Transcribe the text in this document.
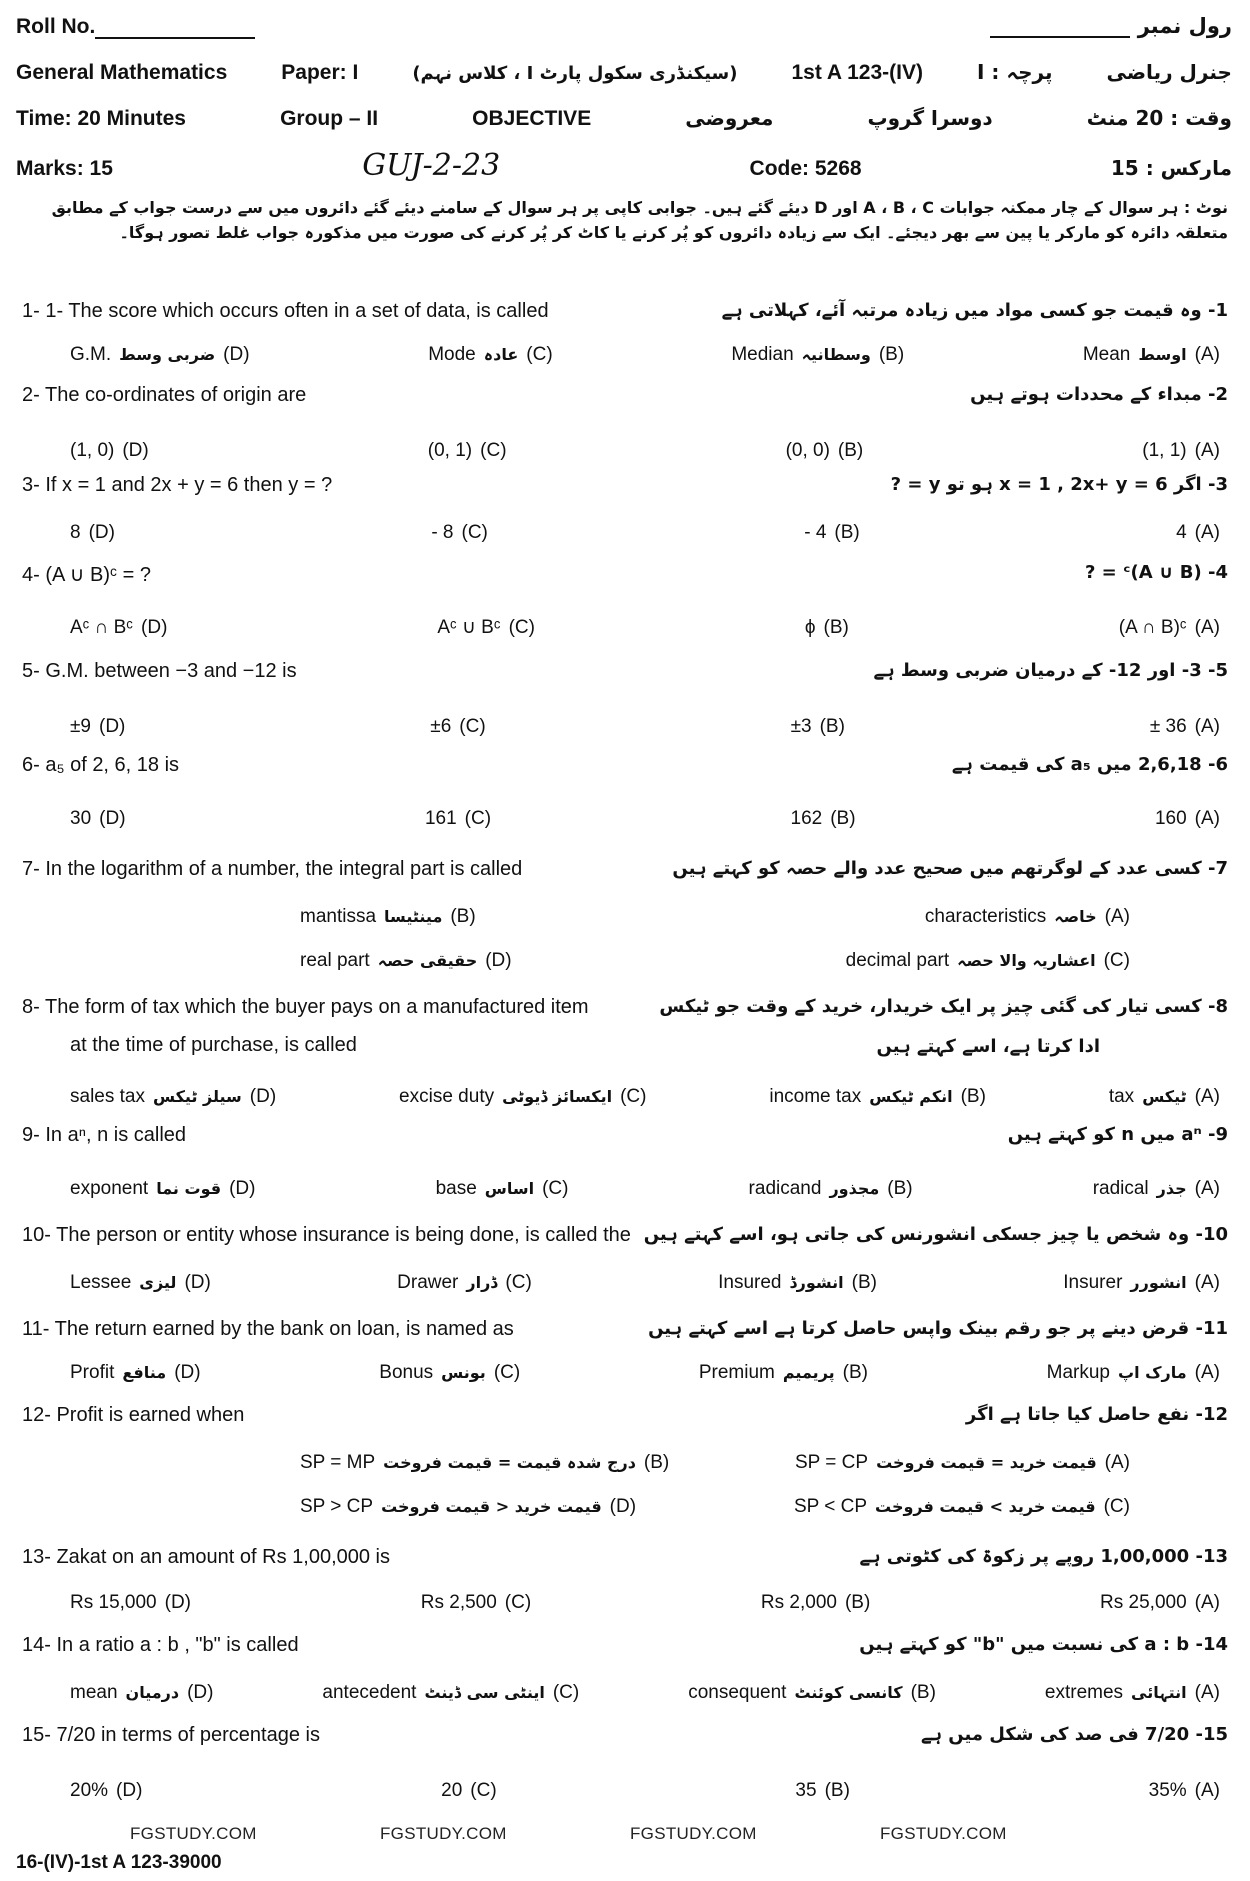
FGSTUDY.COM	FGSTUDY.COM	FGSTUDY.COM	FGSTUDY.COM
Roll No.	رول نمبر
General Mathematics	Paper: I	(سیکنڈری سکول پارٹ I ، کلاس نہم)	1st A 123-(IV)	پرچہ : I	جنرل ریاضی
Time: 20 Minutes	Group – II	OBJECTIVE	معروضی	دوسرا گروپ	وقت : 20 منٹ
Marks: 15	GUJ-2-23	Code: 5268	مارکس : 15
نوٹ : ہر سوال کے چار ممکنہ جوابات A ، B ، C اور D دیئے گئے ہیں۔ جوابی کاپی پر ہر سوال کے سامنے دیئے گئے دائروں میں سے درست جواب کے مطابق
متعلقہ دائرہ کو مارکر یا پین سے بھر دیجئے۔ ایک سے زیادہ دائروں کو پُر کرنے یا کاٹ کر پُر کرنے کی صورت میں مذکورہ جواب غلط تصور ہوگا۔
1- 1- The score which occurs often in a set of data, is called	1- وہ قیمت جو کسی مواد میں زیادہ مرتبہ آئے، کہلاتی ہے
G.M. ضربی وسط (D)	Mode عادہ (C)	Median وسطانیہ (B)	Mean اوسط (A)
2- The co-ordinates of origin are	2- مبداء کے محددات ہوتے ہیں
(1, 0) (D)	(0, 1) (C)	(0, 0) (B)	(1, 1) (A)
3- If x = 1 and 2x + y = 6 then y = ?	3- اگر x = 1 , 2x+ y = 6 ہو تو y = ?
8 (D)	- 8 (C)	- 4 (B)	4 (A)
4- (A ∪ B)ᶜ = ?	4- (A ∪ B)ᶜ = ?
Aᶜ ∩ Bᶜ (D)	Aᶜ ∪ Bᶜ (C)	ϕ (B)	(A ∩ B)ᶜ (A)
5- G.M. between −3 and −12 is	5- 3- اور 12- کے درمیان ضربی وسط ہے
±9 (D)	±6 (C)	±3 (B)	± 36 (A)
6- a₅ of 2, 6, 18 is	6- 2,6,18 میں a₅ کی قیمت ہے
30 (D)	161 (C)	162 (B)	160 (A)
7- In the logarithm of a number, the integral part is called	7- کسی عدد کے لوگرتھم میں صحیح عدد والے حصہ کو کہتے ہیں
mantissa مینٹیسا (B)	characteristics خاصہ (A)
real part حقیقی حصہ (D)	decimal part اعشاریہ والا حصہ (C)
8- The form of tax which the buyer pays on a manufactured item	8- کسی تیار کی گئی چیز پر ایک خریدار، خرید کے وقت جو ٹیکس
at the time of purchase, is called	ادا کرتا ہے، اسے کہتے ہیں
sales tax سیلز ٹیکس (D)	excise duty ایکسائز ڈیوٹی (C)	income tax انکم ٹیکس (B)	tax ٹیکس (A)
9- In aⁿ, n is called	9- aⁿ میں n کو کہتے ہیں
exponent قوت نما (D)	base اساس (C)	radicand مجذور (B)	radical جذر (A)
10- The person or entity whose insurance is being done, is called the 10- وہ شخص یا چیز جسکی انشورنس کی جاتی ہو، اسے کہتے ہیں
Lessee لیزی (D)	Drawer ڈرار (C)	Insured انشورڈ (B)	Insurer انشورر (A)
11- The return earned by the bank on loan, is named as	11- قرض دینے پر جو رقم بینک واپس حاصل کرتا ہے اسے کہتے ہیں
Profit منافع (D)	Bonus بونس (C)	Premium پریمیم (B)	Markup مارک اپ (A)
12- Profit is earned when	12- نفع حاصل کیا جاتا ہے اگر
SP = MP درج شدہ قیمت = قیمت فروخت (B)	SP = CP قیمت خرید = قیمت فروخت (A)
SP > CP قیمت خرید < قیمت فروخت (D)	SP < CP قیمت خرید > قیمت فروخت (C)
13- Zakat on an amount of Rs 1,00,000 is	13- 1,00,000 روپے پر زکوۃ کی کٹوتی ہے
Rs 15,000 (D)	Rs 2,500 (C)	Rs 2,000 (B)	Rs 25,000 (A)
14- In a ratio a : b , "b" is called	14- a : b کی نسبت میں "b" کو کہتے ہیں
mean درمیان (D)	antecedent اینٹی سی ڈینٹ (C)	consequent کانسی کوئنٹ (B)	extremes انتہائی (A)
15- 7/20 in terms of percentage is	15- 7/20 فی صد کی شکل میں ہے
20% (D)	20 (C)	35 (B)	35% (A)
16-(IV)-1st A 123-39000
